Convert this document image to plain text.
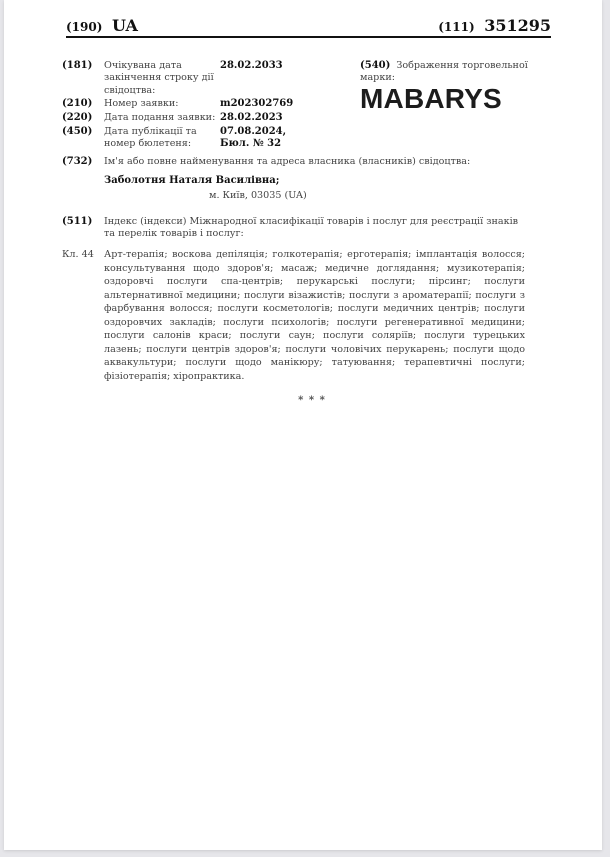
(190) UA	(111) 351295
(181)	Очікувана дата закінчення строку дії свідоцтва:
28.02.2033
(210)	Номер заявки:	m202302769
(220)	Дата подання заявки: 28.02.2023
(450)	Дата публікації та номер бюлетеня:
07.08.2024,
Бюл. № 32
(540) Зображення торговельної марки:
MABARYS
(732)	Ім'я або повне найменування та адреса власника (власників) свідоцтва:
Заболотня Наталя Василівна;
м. Київ, 03035 (UA)
(511)	Індекс (індекси) Міжнародної класифікації товарів і послуг для реєстрації знаків та перелік товарів і послуг:
Кл. 44	Арт-терапія; воскова депіляція; голкотерапія; ерготерапія; імплантація волосся; консультування щодо здоров'я; масаж; медичне доглядання; музикотерапія; оздоровчі послуги спа-центрів; перукарські послуги; пірсинг; послуги альтернативної медицини; послуги візажистів; послуги з ароматерапії; послуги з фарбування волосся; послуги косметологів; послуги медичних центрів; послуги оздоровчих закладів; послуги психологів; послуги регенеративної медицини; послуги салонів краси; послуги саун; послуги соляріїв; послуги турецьких лазень; послуги центрів здоров'я; послуги чоловічих перукарень; послуги щодо аквакультури; послуги щодо манікюру; татуювання; терапевтичні послуги; фізіотерапія; хіропрактика.
* * *
